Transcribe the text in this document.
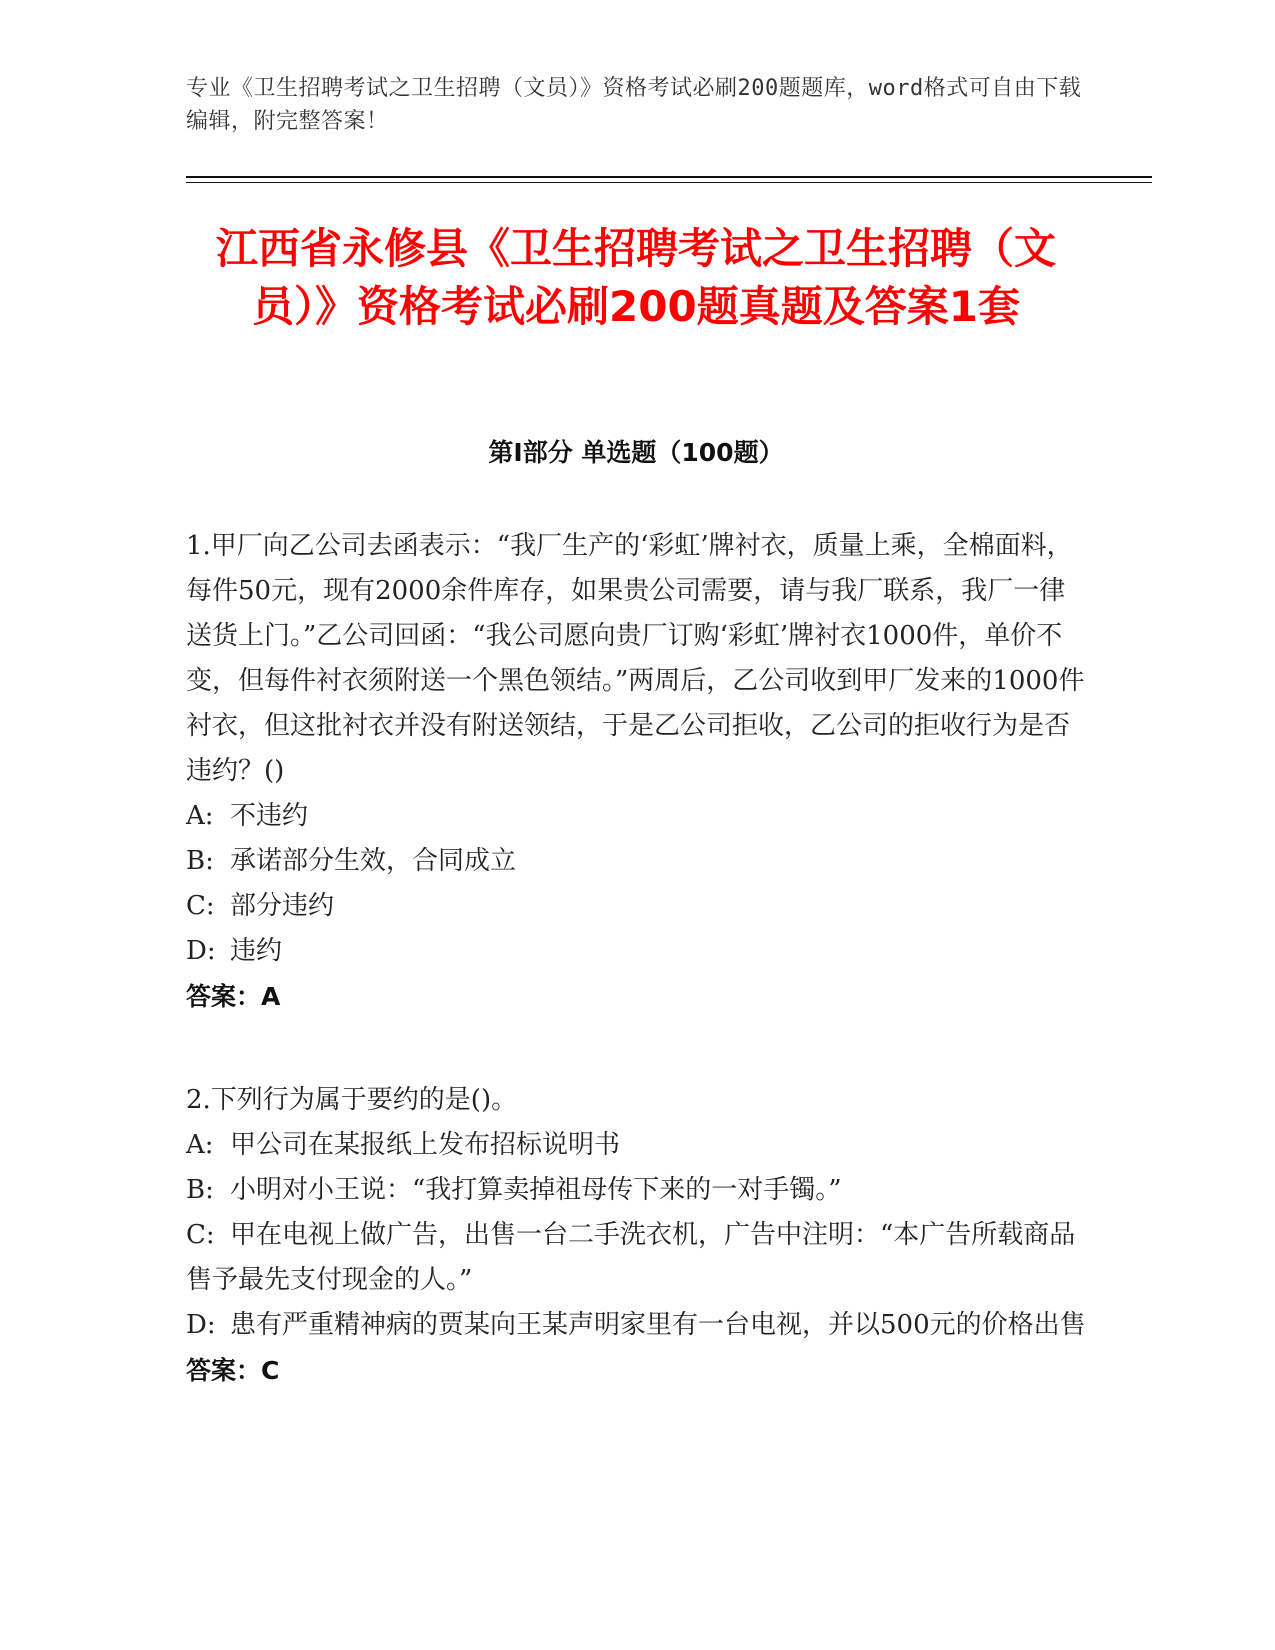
专业《卫生招聘考试之卫生招聘（文员）》资格考试必刷200题题库，word格式可自由下载编辑，附完整答案！
江西省永修县《卫生招聘考试之卫生招聘（文员）》资格考试必刷200题真题及答案1套
第I部分 单选题（100题）

1.甲厂向乙公司去函表示：“我厂生产的‘彩虹’牌衬衣，质量上乘，全棉面料，每件50元，现有2000余件库存，如果贵公司需要，请与我厂联系，我厂一律送货上门。”乙公司回函：“我公司愿向贵厂订购‘彩虹’牌衬衣1000件，单价不变，但每件衬衣须附送一个黑色领结。”两周后，乙公司收到甲厂发来的1000件衬衣，但这批衬衣并没有附送领结，于是乙公司拒收，乙公司的拒收行为是否违约？()

A: 不违约

B: 承诺部分生效，合同成立

C: 部分违约

D: 违约

答案：A

2.下列行为属于要约的是()。

A: 甲公司在某报纸上发布招标说明书

B: 小明对小王说：“我打算卖掉祖母传下来的一对手镯。”

C: 甲在电视上做广告，出售一台二手洗衣机，广告中注明：“本广告所载商品售予最先支付现金的人。”

D: 患有严重精神病的贾某向王某声明家里有一台电视，并以500元的价格出售

答案：C
